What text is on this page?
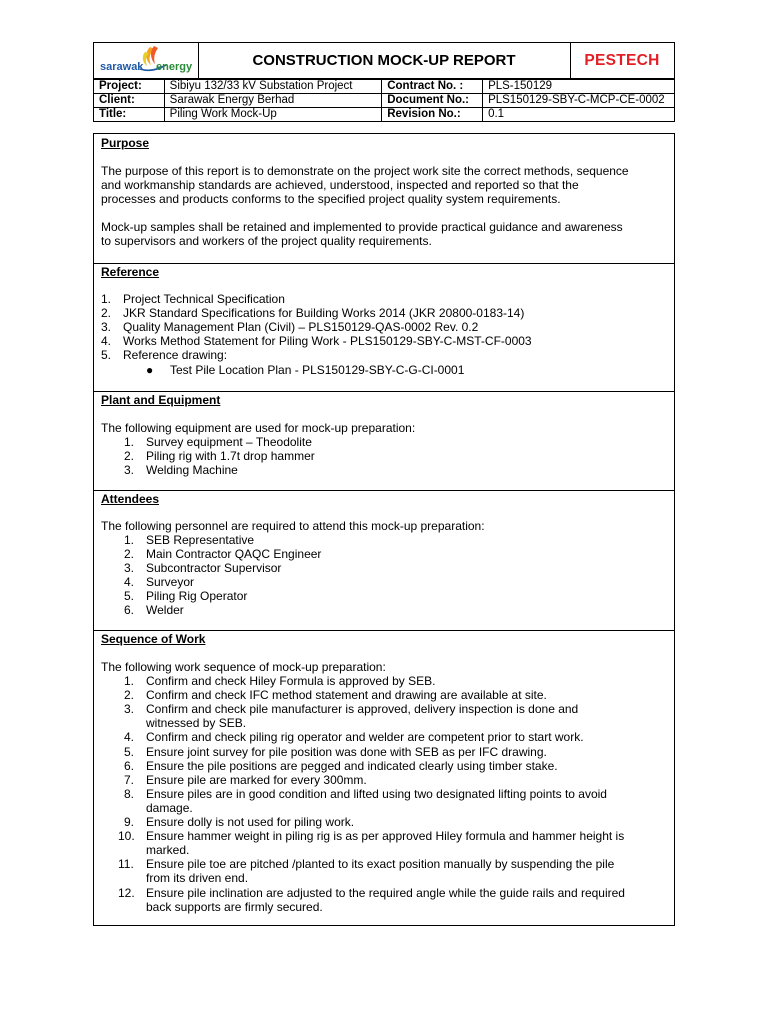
sarawak energy	CONSTRUCTION MOCK-UP REPORT	PESTECH
Project:	Sibiyu 132/33 kV Substation Project	Contract No. :	PLS-150129
Client:	Sarawak Energy Berhad	Document No.:	PLS150129-SBY-C-MCP-CE-0002
Title:	Piling Work Mock-Up	Revision No.:	0.1
Purpose
The purpose of this report is to demonstrate on the project work site the correct methods, sequence
and workmanship standards are achieved, understood, inspected and reported so that the
processes and products conforms to the specified project quality system requirements.
Mock-up samples shall be retained and implemented to provide practical guidance and awareness
to supervisors and workers of the project quality requirements.
Reference
1. Project Technical Specification
2. JKR Standard Specifications for Building Works 2014 (JKR 20800-0183-14)
3. Quality Management Plan (Civil) – PLS150129-QAS-0002 Rev. 0.2
4. Works Method Statement for Piling Work - PLS150129-SBY-C-MST-CF-0003
5. Reference drawing:
● Test Pile Location Plan - PLS150129-SBY-C-G-CI-0001
Plant and Equipment
The following equipment are used for mock-up preparation:
1. Survey equipment – Theodolite
2. Piling rig with 1.7t drop hammer
3. Welding Machine
Attendees
The following personnel are required to attend this mock-up preparation:
1. SEB Representative
2. Main Contractor QAQC Engineer
3. Subcontractor Supervisor
4. Surveyor
5. Piling Rig Operator
6. Welder
Sequence of Work
The following work sequence of mock-up preparation:
1. Confirm and check Hiley Formula is approved by SEB.
2. Confirm and check IFC method statement and drawing are available at site.
3. Confirm and check pile manufacturer is approved, delivery inspection is done and
witnessed by SEB.
4. Confirm and check piling rig operator and welder are competent prior to start work.
5. Ensure joint survey for pile position was done with SEB as per IFC drawing.
6. Ensure the pile positions are pegged and indicated clearly using timber stake.
7. Ensure pile are marked for every 300mm.
8. Ensure piles are in good condition and lifted using two designated lifting points to avoid
damage.
9. Ensure dolly is not used for piling work.
10. Ensure hammer weight in piling rig is as per approved Hiley formula and hammer height is
marked.
11. Ensure pile toe are pitched /planted to its exact position manually by suspending the pile
from its driven end.
12. Ensure pile inclination are adjusted to the required angle while the guide rails and required
back supports are firmly secured.
